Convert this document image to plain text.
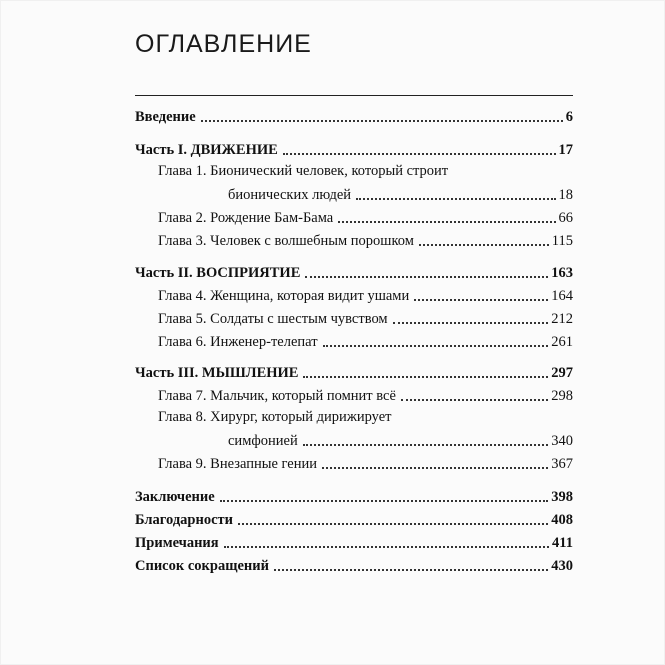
ОГЛАВЛЕНИЕ
Введение	6
Часть I. ДВИЖЕНИЕ	17
Глава 1. Бионический человек, который строит
бионических людей	18
Глава 2. Рождение Бам-Бама	66
Глава 3. Человек с волшебным порошком	115
Часть II. ВОСПРИЯТИЕ	163
Глава 4. Женщина, которая видит ушами	164
Глава 5. Солдаты с шестым чувством	212
Глава 6. Инженер-телепат	261
Часть III. МЫШЛЕНИЕ	297
Глава 7. Мальчик, который помнит всё	298
Глава 8. Хирург, который дирижирует
симфонией	340
Глава 9. Внезапные гении	367
Заключение	398
Благодарности	408
Примечания	411
Список сокращений	430
